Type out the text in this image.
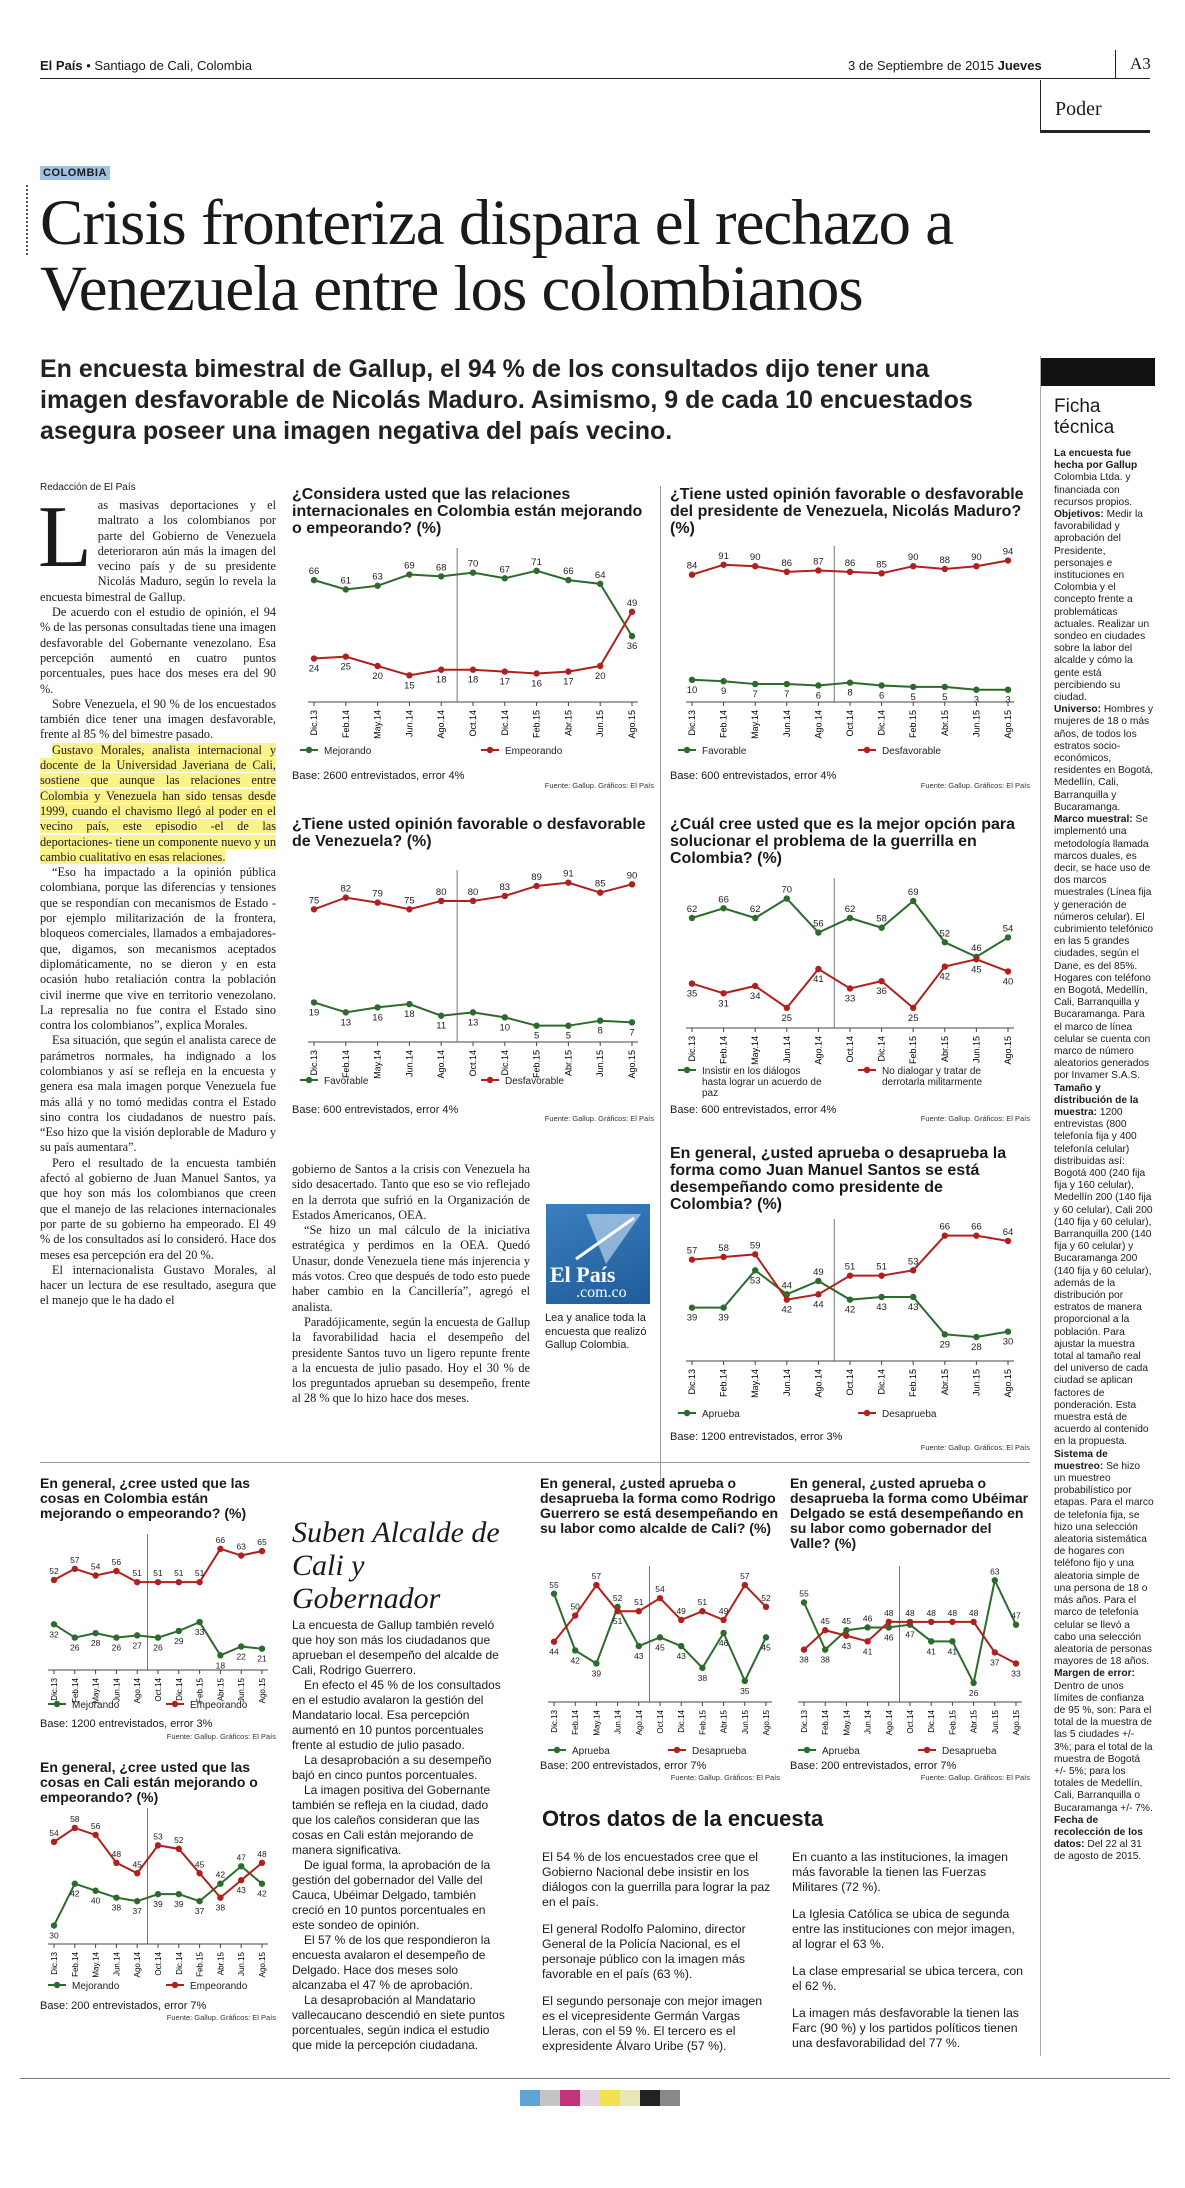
El País • Santiago de Cali, Colombia	3 de Septiembre de 2015 Jueves	A3
Poder
COLOMBIA
Crisis fronteriza dispara el rechazo a Venezuela entre los colombianos
En encuesta bimestral de Gallup, el 94 % de los consultados dijo tener una imagen desfavorable de Nicolás Maduro. Asimismo, 9 de cada 10 encuestados asegura poseer una imagen negativa del país vecino.
Ficha técnica

La encuesta fue hecha por Gallup Colombia Ltda. y financiada con recursos propios.

Objetivos: Medir la favorabilidad y aprobación del Presidente, personajes e instituciones en Colombia y el concepto frente a problemáticas actuales. Realizar un sondeo en ciudades sobre la labor del alcalde y cómo la gente está percibiendo su ciudad.

Universo: Hombres y mujeres de 18 o más años, de todos los estratos socio-económicos, residentes en Bogotá, Medellín, Cali, Barranquilla y Bucaramanga.

Marco muestral: Se implementó una metodología llamada marcos duales, es decir, se hace uso de dos marcos muestrales (Línea fija y generación de números celular). El cubrimiento telefónico en las 5 grandes ciudades, según el Dane, es del 85%. Hogares con teléfono en Bogotá, Medellín, Cali, Barranquilla y Bucaramanga. Para el marco de línea celular se cuenta con marco de número aleatorios generados por Invamer S.A.S.

Tamaño y distribución de la muestra: 1200 entrevistas (800 telefonía fija y 400 telefonía celular) distribuidas así: Bogotá 400 (240 fija fija y 160 celular), Medellín 200 (140 fija y 60 celular), Cali 200 (140 fija y 60 celular), Barranquilla 200 (140 fija y 60 celular) y Bucaramanga 200 (140 fija y 60 celular), además de la distribución por estratos de manera proporcional a la población. Para ajustar la muestra total al tamaño real del universo de cada ciudad se aplican factores de ponderación. Esta muestra está de acuerdo al contenido en la propuesta.

Sistema de muestreo: Se hizo un muestreo probabilístico por etapas. Para el marco de telefonía fija, se hizo una selección aleatoria sistemática de hogares con teléfono fijo y una aleatoria simple de una persona de 18 o más años. Para el marco de telefonía celular se llevó a cabo una selección aleatoria de personas mayores de 18 años.

Margen de error: Dentro de unos límites de confianza de 95 %, son: Para el total de la muestra de las 5 ciudades +/- 3%; para el total de la muestra de Bogotá +/- 5%; para los totales de Medellín, Cali, Barranquilla o Bucaramanga +/- 7%.

Fecha de recolección de los datos: Del 22 al 31 de agosto de 2015.

Redacción de El País
L as masivas deportaciones y el maltrato a los colombianos por parte del Gobierno de Venezuela deterioraron aún más la imagen del vecino país y de su presidente Nicolás Maduro, según lo revela la encuesta bimestral de Gallup.

De acuerdo con el estudio de opinión, el 94 % de las personas consultadas tiene una imagen desfavorable del Gobernante venezolano. Esa percepción aumentó en cuatro puntos porcentuales, pues hace dos meses era del 90 %.

Sobre Venezuela, el 90 % de los encuestados también dice tener una imagen desfavorable, frente al 85 % del bimestre pasado.

Gustavo Morales, analista internacional y docente de la Universidad Javeriana de Cali, sostiene que aunque las relaciones entre Colombia y Venezuela han sido tensas desde 1999, cuando el chavismo llegó al poder en el vecino país, este episodio -el de las deportaciones- tiene un componente nuevo y un cambio cualitativo en esas relaciones.

“Eso ha impactado a la opinión pública colombiana, porque las diferencias y tensiones que se respondían con mecanismos de Estado -por ejemplo militarización de la frontera, bloqueos comerciales, llamados a embajadores- que, digamos, son mecanismos aceptados diplomáticamente, no se dieron y en esta ocasión hubo retaliación contra la población civil inerme que vive en territorio venezolano. La represalia no fue contra el Estado sino contra los colombianos”, explica Morales.

Esa situación, que según el analista carece de parámetros normales, ha indignado a los colombianos y así se refleja en la encuesta y genera esa mala imagen porque Venezuela fue más allá y no tomó medidas contra el Estado sino contra los ciudadanos de nuestro país. “Eso hizo que la visión deplorable de Maduro y su país aumentara”.

Pero el resultado de la encuesta también afectó al gobierno de Juan Manuel Santos, ya que hoy son más los colombianos que creen que el manejo de las relaciones internacionales por parte de su gobierno ha empeorado. El 49 % de los consultados así lo consideró. Hace dos meses esa percepción era del 20 %.

El internacionalista Gustavo Morales, al hacer un lectura de ese resultado, asegura que el manejo que le ha dado el

gobierno de Santos a la crisis con Venezuela ha sido desacertado. Tanto que eso se vio reflejado en la derrota que sufrió en la Organización de Estados Americanos, OEA.

“Se hizo un mal cálculo de la iniciativa estratégica y perdimos en la OEA. Quedó Unasur, donde Venezuela tiene más injerencia y más votos. Creo que después de todo esto puede haber cambio en la Cancillería”, agregó el analista.

Paradójicamente, según la encuesta de Gallup la favorabilidad hacia el desempeño del presidente Santos tuvo un ligero repunte frente a la encuesta de julio pasado. Hoy el 30 % de los preguntados aprueban su desempeño, frente al 28 % que lo hizo hace dos meses.

El País
.com.co
Lea y analice toda la encuesta que realizó Gallup Colombia.
¿Considera usted que las relaciones internacionales en Colombia están mejorando o empeorando? (%)
Dic.13 Feb.14 May.14 Jun.14 Ago.14 Oct.14 Dic.14 Feb.15 Abr.15 Jun.15 Ago.15
66
61 63
69 68 70
67
71
66 64
36
24 25
20
15
18 18 17 16 17
20
49
Mejorando	Empeorando
Base: 2600 entrevistados, error 4%
Fuente: Gallup. Gráficos: El País
¿Tiene usted opinión favorable o desfavorable del presidente de Venezuela, Nicolás Maduro? (%)
Dic.13 Feb.14 May.14 Jun.14 Ago.14 Oct.14 Dic.14 Feb.15 Abr.15 Jun.15 Ago.15
10 9	7	7	6	8	6	5	5	3	3
84
91 90
86 87 86 85
90 88 90
94
Favorable	Desfavorable
Base: 600 entrevistados, error 4%
Fuente: Gallup. Gráficos: El País
¿Tiene usted opinión favorable o desfavorable de Venezuela? (%)
Dic.13 Feb.14 May.14 Jun.14 Ago.14 Oct.14 Dic.14 Feb.15 Abr.15 Jun.15 Ago.15
19
13 16 18
11 13 10
5	5	8	7
75
82 79
75
80 80 83
89 91
85
90
Favorable	Desfavorable
Base: 600 entrevistados, error 4%
Fuente: Gallup. Gráficos: El País
¿Cuál cree usted que es la mejor opción para solucionar el problema de la guerrilla en Colombia? (%)
Dic.13 Feb.14 May.14 Jun.14 Ago.14 Oct.14 Dic.14 Feb.15 Abr.15 Jun.15 Ago.15
62
66
62
70
56
62
58
69
52
46
54
35
31
34
25
41
33
36
25
42
45
40
Insistir en los diálogos
hasta lograr un acuerdo de
paz
No dialogar y tratar de
derrotarla militarmente
Base: 600 entrevistados, error 4%
Fuente: Gallup. Gráficos: El País
En general, ¿usted aprueba o desaprueba la forma como Juan Manuel Santos se está desempeñando como presidente de Colombia? (%)
Dic.13 Feb.14 May.14 Jun.14 Ago.14 Oct.14 Dic.14 Feb.15 Abr.15 Jun.15 Ago.15
39 39
53 44
49
42 43 43
29 28 30
57 58 59
42 44
51 51 53
66 66 64
Aprueba	Desaprueba
Base: 1200 entrevistados, error 3%
Fuente: Gallup. Gráficos: El País
En general, ¿cree usted que las cosas en Colombia están mejorando o empeorando? (%)
Dic.13 Feb.14 May.14 Jun.14 Ago.14 Oct.14 Dic.14 Feb.15 Abr.15 Jun.15 Ago.15
32
26 28 26 27 26
29
33
18
22 21
52
57
54 56
51 51 51 51
66
63 65
Mejorando	Empeorando
Base: 1200 entrevistados, error 3%
Fuente: Gallup. Gráficos: El País
En general, ¿cree usted que las cosas en Cali están mejorando o empeorando? (%)
Dic.13 Feb.14 May.14 Jun.14 Ago.14 Oct.14 Dic.14 Feb.15 Abr.15 Jun.15 Ago.15
30
42
40
38 37
39 39
37
42
47
42
54
58
56
48
45
53 52
45
38
43
48
Mejorando	Empeorando
Base: 200 entrevistados, error 7%
Fuente: Gallup. Gráficos: El País
Suben Alcalde de Cali y Gobernador

La encuesta de Gallup también reveló que hoy son más los ciudadanos que aprueban el desempeño del alcalde de Cali, Rodrigo Guerrero.

En efecto el 45 % de los consultados en el estudio avalaron la gestión del Mandatario local. Esa percepción aumentó en 10 puntos porcentuales frente al estudio de julio pasado.

La desaprobación a su desempeño bajó en cinco puntos porcentuales.

La imagen positiva del Gobernante también se refleja en la ciudad, dado que los caleños consideran que las cosas en Cali están mejorando de manera significativa.

De igual forma, la aprobación de la gestión del gobernador del Valle del Cauca, Ubéimar Delgado, también creció en 10 puntos porcentuales en este sondeo de opinión.

El 57 % de los que respondieron la encuesta avalaron el desempeño de Delgado. Hace dos meses solo alcanzaba el 47 % de aprobación.

La desaprobación al Mandatario vallecaucano descendió en siete puntos porcentuales, según indica el estudio que mide la percepción ciudadana.

En general, ¿usted aprueba o desaprueba la forma como Rodrigo Guerrero se está desempeñando en su labor como alcalde de Cali? (%)
Dic.13 Feb.14 May.14 Jun.14 Ago.14 Oct.14 Dic.14 Feb.15 Abr.15 Jun.15 Ago.15
55
42
39
52
43
45
43
38
46
35
45
44
50
57
51
51
54
49
51
49
57
52
Aprueba	Desaprueba
Base: 200 entrevistados, error 7%
Fuente: Gallup. Gráficos: El País
En general, ¿usted aprueba o desaprueba la forma como Ubéimar Delgado se está desempeñando en su labor como gobernador del Valle? (%)
Dic.13 Feb.14 May.14 Jun.14 Ago.14 Oct.14 Dic.14 Feb.15 Abr.15 Jun.15 Ago.15
55
38
45 46
46 47
41 41
26
63
47
38
45
43
41
48 48 48 48 48
37
33
Aprueba	Desaprueba
Base: 200 entrevistados, error 7%
Fuente: Gallup. Gráficos: El País
Otros datos de la encuesta

El 54 % de los encuestados cree que el Gobierno Nacional debe insistir en los diálogos con la guerrilla para lograr la paz en el país.

El general Rodolfo Palomino, director General de la Policía Nacional, es el personaje público con la imagen más favorable en el país (63 %).

El segundo personaje con mejor imagen es el vicepresidente Germán Vargas Lleras, con el 59 %. El tercero es el expresidente Álvaro Uribe (57 %).

En cuanto a las instituciones, la imagen más favorable la tienen las Fuerzas Militares (72 %).

La Iglesia Católica se ubica de segunda entre las instituciones con mejor imagen, al lograr el 63 %.

La clase empresarial se ubica tercera, con el 62 %.

La imagen más desfavorable la tienen las Farc (90 %) y los partidos políticos tienen una desfavorabilidad del 77 %.
